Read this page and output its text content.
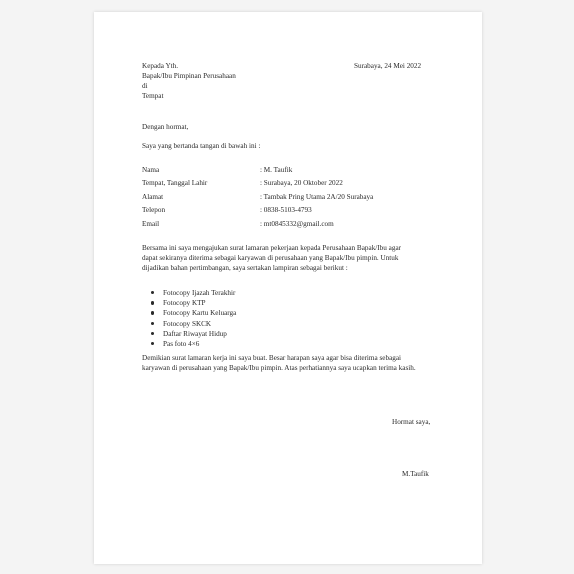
Kepada Yth.
Bapak/Ibu Pimpinan Perusahaan
di
Tempat
Surabaya, 24 Mei 2022
Dengan hormat,
Saya yang bertanda tangan di bawah ini :
Nama	: M. Taufik
Tempat, Tanggal Lahir	: Surabaya, 20 Oktober 2022
Alamat	: Tambak Pring Utama 2A/20 Surabaya
Telepon	: 0838-5103-4793
Email	: mt0845332@gmail.com
Bersama ini saya mengajukan surat lamaran pekerjaan kepada Perusahaan Bapak/Ibu agar
dapat sekiranya diterima sebagai karyawan di perusahaan yang Bapak/Ibu pimpin. Untuk
dijadikan bahan pertimbangan, saya sertakan lampiran sebagai berikut :
Fotocopy Ijazah Terakhir
Fotocopy KTP
Fotocopy Kartu Keluarga
Fotocopy SKCK
Daftar Riwayat Hidup
Pas foto 4×6
Demikian surat lamaran kerja ini saya buat. Besar harapan saya agar bisa diterima sebagai
karyawan di perusahaan yang Bapak/Ibu pimpin. Atas perhatiannya saya ucapkan terima kasih.
Hormat saya,
M.Taufik
